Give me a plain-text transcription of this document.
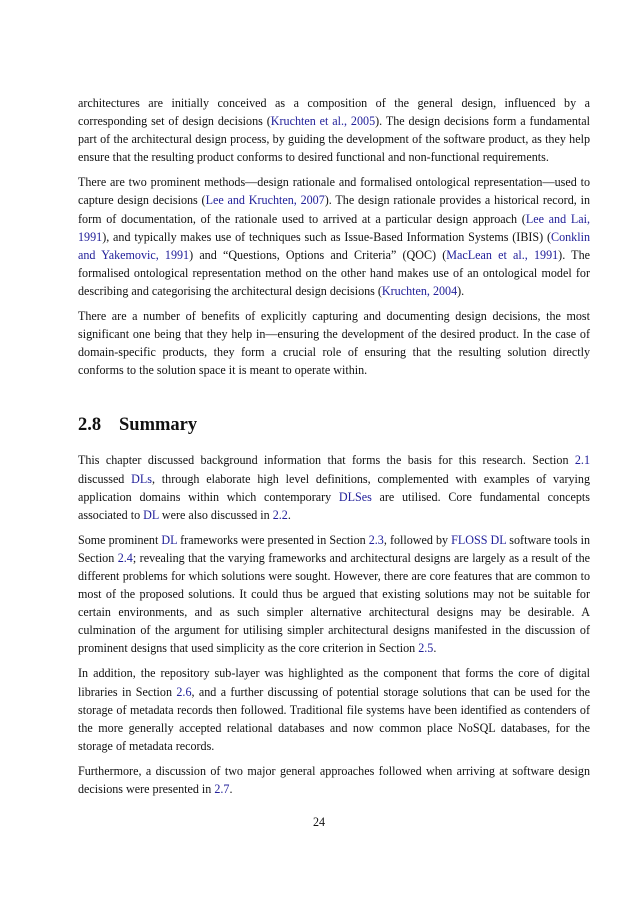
architectures are initially conceived as a composition of the general design, influenced by a corresponding set of design decisions (Kruchten et al., 2005). The design decisions form a fundamental part of the architectural design process, by guiding the development of the software product, as they help ensure that the resulting product conforms to desired functional and non-functional requirements.

There are two prominent methods—design rationale and formalised ontological representation—used to capture design decisions (Lee and Kruchten, 2007). The design rationale provides a historical record, in form of documentation, of the rationale used to arrived at a particular design approach (Lee and Lai, 1991), and typically makes use of techniques such as Issue-Based Information Systems (IBIS) (Conklin and Yakemovic, 1991) and “Questions, Options and Criteria” (QOC) (MacLean et al., 1991). The formalised ontological representation method on the other hand makes use of an ontological model for describing and categorising the architectural design decisions (Kruchten, 2004).

There are a number of benefits of explicitly capturing and documenting design decisions, the most significant one being that they help in—ensuring the development of the desired product. In the case of domain-specific products, they form a crucial role of ensuring that the resulting solution directly conforms to the solution space it is meant to operate within.

2.8 Summary

This chapter discussed background information that forms the basis for this research. Section 2.1 discussed DLs, through elaborate high level definitions, complemented with examples of varying application domains within which contemporary DLSes are utilised. Core fundamental concepts associated to DL were also discussed in 2.2.

Some prominent DL frameworks were presented in Section 2.3, followed by FLOSS DL software tools in Section 2.4; revealing that the varying frameworks and architectural designs are largely as a result of the different problems for which solutions were sought. However, there are core features that are common to most of the proposed solutions. It could thus be argued that existing solutions may not be suitable for certain environments, and as such simpler alternative architectural designs may be desirable. A culmination of the argument for utilising simpler architectural designs manifested in the discussion of prominent designs that used simplicity as the core criterion in Section 2.5.

In addition, the repository sub-layer was highlighted as the component that forms the core of digital libraries in Section 2.6, and a further discussing of potential storage solutions that can be used for the storage of metadata records then followed. Traditional file systems have been identified as contenders of the more generally accepted relational databases and now common place NoSQL databases, for the storage of metadata records.

Furthermore, a discussion of two major general approaches followed when arriving at software design decisions were presented in 2.7.

24
